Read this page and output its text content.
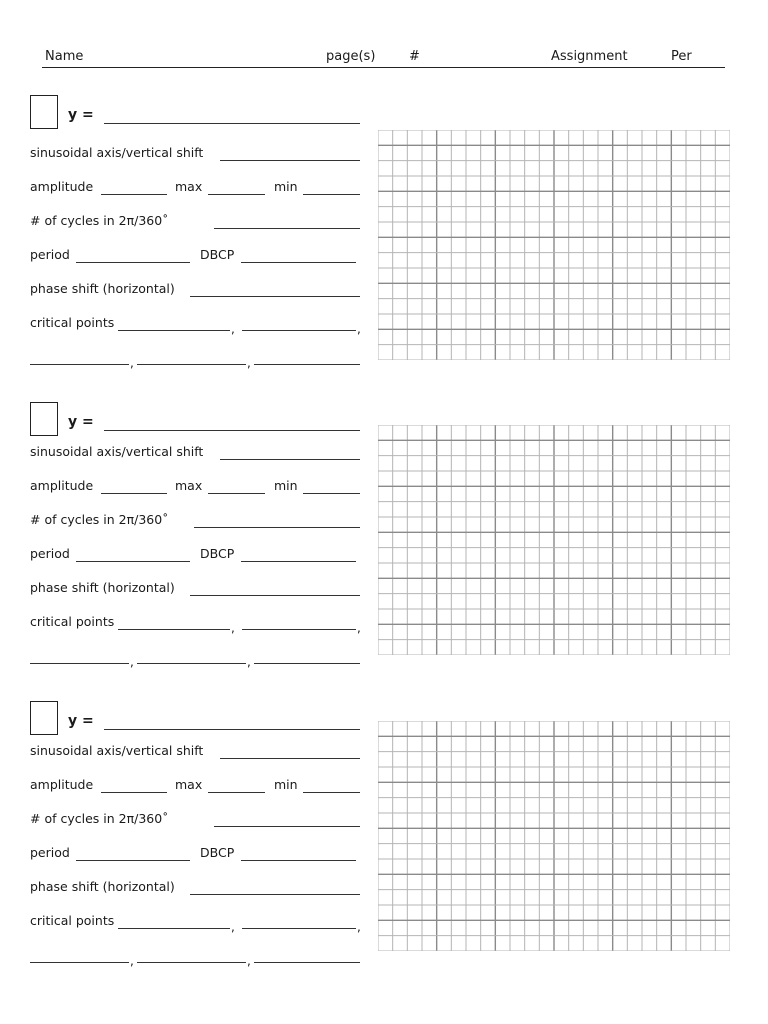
Name	page(s)	#	Assignment	Per
y =
sinusoidal axis/vertical shift
amplitude	max	min
# of cycles in 2π/360˚
period	DBCP
phase shift (horizontal)
critical points	,	,
,	,
y =
sinusoidal axis/vertical shift
amplitude	max	min
# of cycles in 2π/360˚
period	DBCP
phase shift (horizontal)
critical points	,	,
,	,
y =
sinusoidal axis/vertical shift
amplitude	max	min
# of cycles in 2π/360˚
period	DBCP
phase shift (horizontal)
critical points	,	,
,	,
